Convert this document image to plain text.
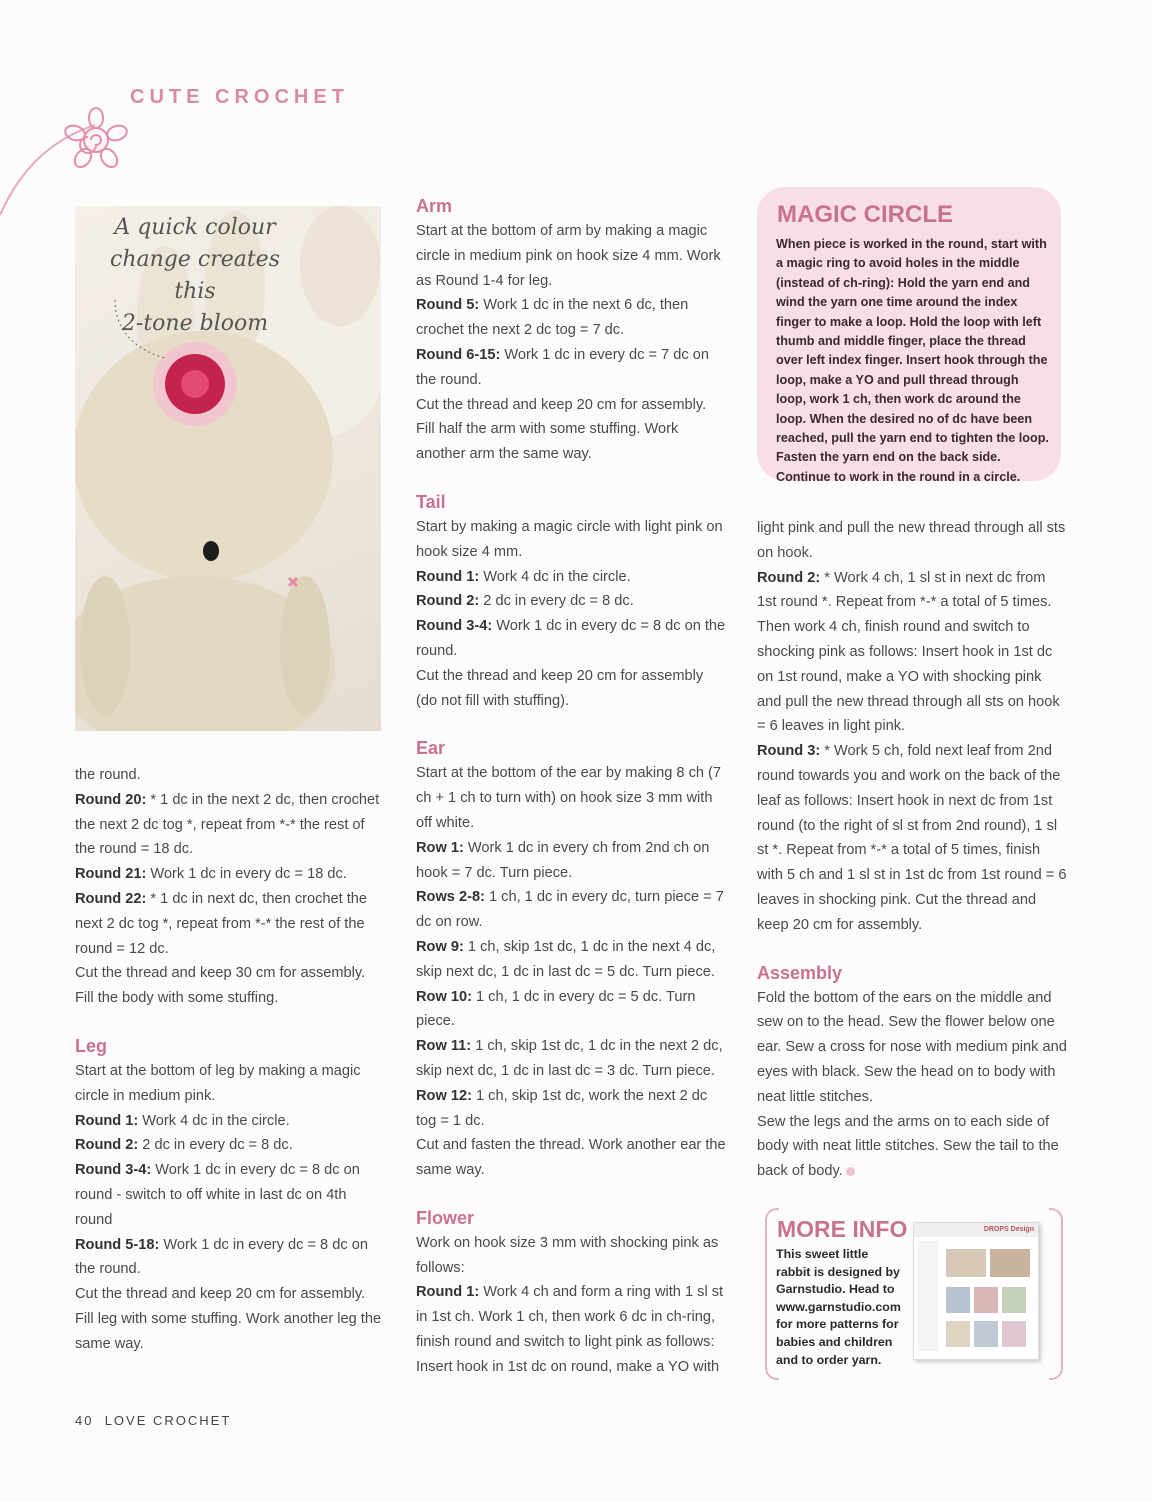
CUTE CROCHET
A quick colour
change creates this
2-tone bloom

the round.

Round 20: * 1 dc in the next 2 dc, then crochet the next 2 dc tog *, repeat from *-* the rest of the round = 18 dc.

Round 21: Work 1 dc in every dc = 18 dc.

Round 22: * 1 dc in next dc, then crochet the next 2 dc tog *, repeat from *-* the rest of the round = 12 dc.

Cut the thread and keep 30 cm for assembly. Fill the body with some stuffing.

Leg

Start at the bottom of leg by making a magic circle in medium pink.

Round 1: Work 4 dc in the circle.

Round 2: 2 dc in every dc = 8 dc.

Round 3-4: Work 1 dc in every dc = 8 dc on round - switch to off white in last dc on 4th round

Round 5-18: Work 1 dc in every dc = 8 dc on the round.

Cut the thread and keep 20 cm for assembly. Fill leg with some stuffing. Work another leg the same way.

Arm

Start at the bottom of arm by making a magic circle in medium pink on hook size 4 mm. Work as Round 1-4 for leg.

Round 5: Work 1 dc in the next 6 dc, then crochet the next 2 dc tog = 7 dc.

Round 6-15: Work 1 dc in every dc = 7 dc on the round.

Cut the thread and keep 20 cm for assembly. Fill half the arm with some stuffing. Work another arm the same way.

Tail

Start by making a magic circle with light pink on hook size 4 mm.

Round 1: Work 4 dc in the circle.

Round 2: 2 dc in every dc = 8 dc.

Round 3-4: Work 1 dc in every dc = 8 dc on the round.

Cut the thread and keep 20 cm for assembly (do not fill with stuffing).

Ear

Start at the bottom of the ear by making 8 ch (7 ch + 1 ch to turn with) on hook size 3 mm with off white.

Row 1: Work 1 dc in every ch from 2nd ch on hook = 7 dc. Turn piece.

Rows 2-8: 1 ch, 1 dc in every dc, turn piece = 7 dc on row.

Row 9: 1 ch, skip 1st dc, 1 dc in the next 4 dc, skip next dc, 1 dc in last dc = 5 dc. Turn piece.

Row 10: 1 ch, 1 dc in every dc = 5 dc. Turn piece.

Row 11: 1 ch, skip 1st dc, 1 dc in the next 2 dc, skip next dc, 1 dc in last dc = 3 dc. Turn piece.

Row 12: 1 ch, skip 1st dc, work the next 2 dc tog = 1 dc.

Cut and fasten the thread. Work another ear the same way.

Flower

Work on hook size 3 mm with shocking pink as follows:

Round 1: Work 4 ch and form a ring with 1 sl st in 1st ch. Work 1 ch, then work 6 dc in ch-ring, finish round and switch to light pink as follows: Insert hook in 1st dc on round, make a YO with

MAGIC CIRCLE
When piece is worked in the round, start with a magic ring to avoid holes in the middle (instead of ch-ring): Hold the yarn end and wind the yarn one time around the index finger to make a loop. Hold the loop with left thumb and middle finger, place the thread over left index finger. Insert hook through the loop, make a YO and pull thread through loop, work 1 ch, then work dc around the loop. When the desired no of dc have been reached, pull the yarn end to tighten the loop. Fasten the yarn end on the back side. Continue to work in the round in a circle.

light pink and pull the new thread through all sts on hook.

Round 2: * Work 4 ch, 1 sl st in next dc from 1st round *. Repeat from *-* a total of 5 times. Then work 4 ch, finish round and switch to shocking pink as follows: Insert hook in 1st dc on 1st round, make a YO with shocking pink and pull the new thread through all sts on hook = 6 leaves in light pink.

Round 3: * Work 5 ch, fold next leaf from 2nd round towards you and work on the back of the leaf as follows: Insert hook in next dc from 1st round (to the right of sl st from 2nd round), 1 sl st *. Repeat from *-* a total of 5 times, finish with 5 ch and 1 sl st in 1st dc from 1st round = 6 leaves in shocking pink. Cut the thread and keep 20 cm for assembly.

Assembly

Fold the bottom of the ears on the middle and sew on to the head. Sew the flower below one ear. Sew a cross for nose with medium pink and eyes with black. Sew the head on to body with neat little stitches.

Sew the legs and the arms on to each side of body with neat little stitches. Sew the tail to the back of body.

MORE INFO
This sweet little rabbit is designed by Garnstudio. Head to www.garnstudio.com for more patterns for babies and children and to order yarn.
DROPS Design
40 LOVE CROCHET
